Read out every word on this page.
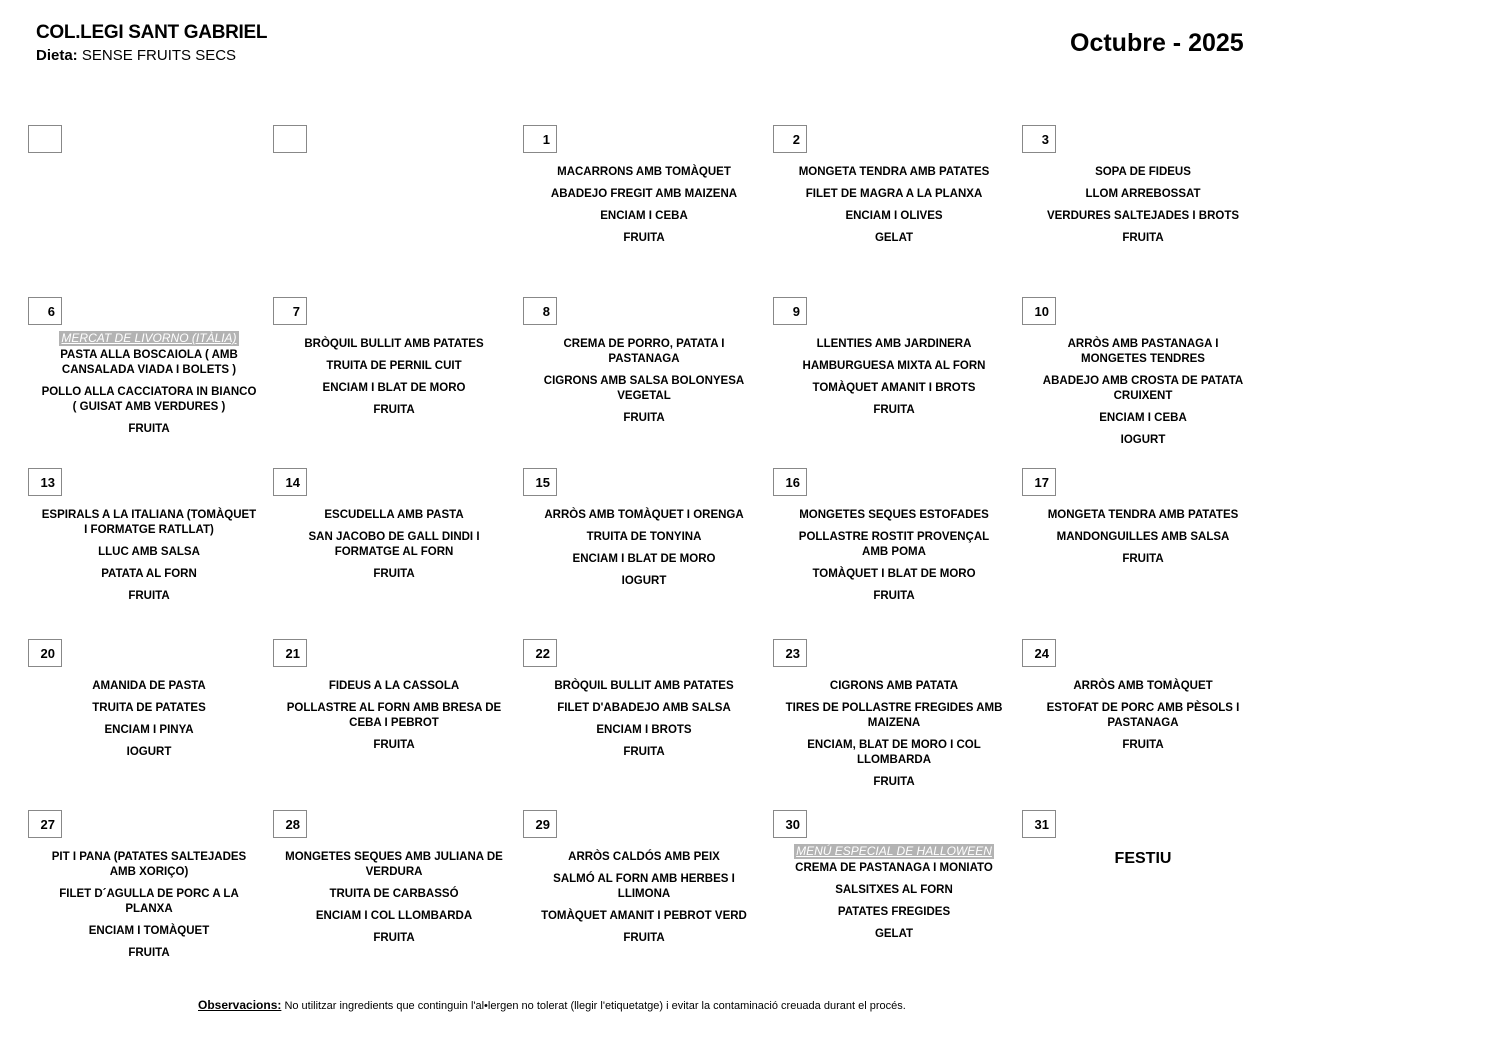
COL.LEGI SANT GABRIEL
Dieta: SENSE FRUITS SECS	Octubre - 2025
1
MACARRONS AMB TOMÀQUET
ABADEJO FREGIT AMB MAIZENA
ENCIAM I CEBA
FRUITA
2
MONGETA TENDRA AMB PATATES
FILET DE MAGRA A LA PLANXA
ENCIAM I OLIVES
GELAT
3
SOPA DE FIDEUS
LLOM ARREBOSSAT
VERDURES SALTEJADES I BROTS
FRUITA
6
MERCAT DE LIVORNO (ITÀLIA)
PASTA ALLA BOSCAIOLA ( AMB CANSALADA VIADA I BOLETS )
POLLO ALLA CACCIATORA IN BIANCO ( GUISAT AMB VERDURES )
FRUITA
7
BRÒQUIL BULLIT AMB PATATES
TRUITA DE PERNIL CUIT
ENCIAM I BLAT DE MORO
FRUITA
8
CREMA DE PORRO, PATATA I PASTANAGA
CIGRONS AMB SALSA BOLONYESA VEGETAL
FRUITA
9
LLENTIES AMB JARDINERA
HAMBURGUESA MIXTA AL FORN
TOMÀQUET AMANIT I BROTS
FRUITA
10
ARRÒS AMB PASTANAGA I MONGETES TENDRES
ABADEJO AMB CROSTA DE PATATA CRUIXENT
ENCIAM I CEBA
IOGURT
13
ESPIRALS A LA ITALIANA (TOMÀQUET I FORMATGE RATLLAT)
LLUC AMB SALSA
PATATA AL FORN
FRUITA
14
ESCUDELLA AMB PASTA
SAN JACOBO DE GALL DINDI I FORMATGE AL FORN
FRUITA
15
ARRÒS AMB TOMÀQUET I ORENGA
TRUITA DE TONYINA
ENCIAM I BLAT DE MORO
IOGURT
16
MONGETES SEQUES ESTOFADES
POLLASTRE ROSTIT PROVENÇAL AMB POMA
TOMÀQUET I BLAT DE MORO
FRUITA
17
MONGETA TENDRA AMB PATATES
MANDONGUILLES AMB SALSA
FRUITA
20
AMANIDA DE PASTA
TRUITA DE PATATES
ENCIAM I PINYA
IOGURT
21
FIDEUS A LA CASSOLA
POLLASTRE AL FORN AMB BRESA DE CEBA I PEBROT
FRUITA
22
BRÒQUIL BULLIT AMB PATATES
FILET D'ABADEJO AMB SALSA
ENCIAM I BROTS
FRUITA
23
CIGRONS AMB PATATA
TIRES DE POLLASTRE FREGIDES AMB MAIZENA
ENCIAM, BLAT DE MORO I COL LLOMBARDA
FRUITA
24
ARRÒS AMB TOMÀQUET
ESTOFAT DE PORC AMB PÈSOLS I PASTANAGA
FRUITA
27
PIT I PANA (PATATES SALTEJADES AMB XORIÇO)
FILET D´AGULLA DE PORC A LA PLANXA
ENCIAM I TOMÀQUET
FRUITA
28
MONGETES SEQUES AMB JULIANA DE VERDURA
TRUITA DE CARBASSÓ
ENCIAM I COL LLOMBARDA
FRUITA
29
ARRÒS CALDÓS AMB PEIX
SALMÓ AL FORN AMB HERBES I LLIMONA
TOMÀQUET AMANIT I PEBROT VERD
FRUITA
30
MENÚ ESPECIAL DE HALLOWEEN
CREMA DE PASTANAGA I MONIATO
SALSITXES AL FORN
PATATES FREGIDES
GELAT
31
FESTIU
Observacions: No utilitzar ingredients que continguin l'al•lergen no tolerat (llegir l'etiquetatge) i evitar la contaminació creuada durant el procés.
